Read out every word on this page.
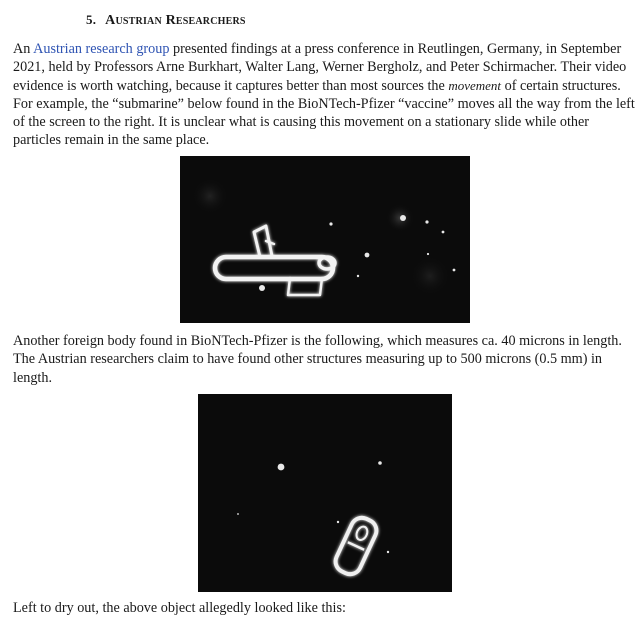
5. Austrian Researchers

An Austrian research group presented findings at a press conference in Reutlingen, Germany, in September 2021, held by Professors Arne Burkhart, Walter Lang, Werner Bergholz, and Peter Schirmacher. Their video evidence is worth watching, because it captures better than most sources the movement of certain structures. For example, the “submarine” below found in the BioNTech-Pfizer “vaccine” moves all the way from the left of the screen to the right. It is unclear what is causing this movement on a stationary slide while other particles remain in the same place.

Another foreign body found in BioNTech-Pfizer is the following, which measures ca. 40 microns in length. The Austrian researchers claim to have found other structures measuring up to 500 microns (0.5 mm) in length.

Left to dry out, the above object allegedly looked like this:
